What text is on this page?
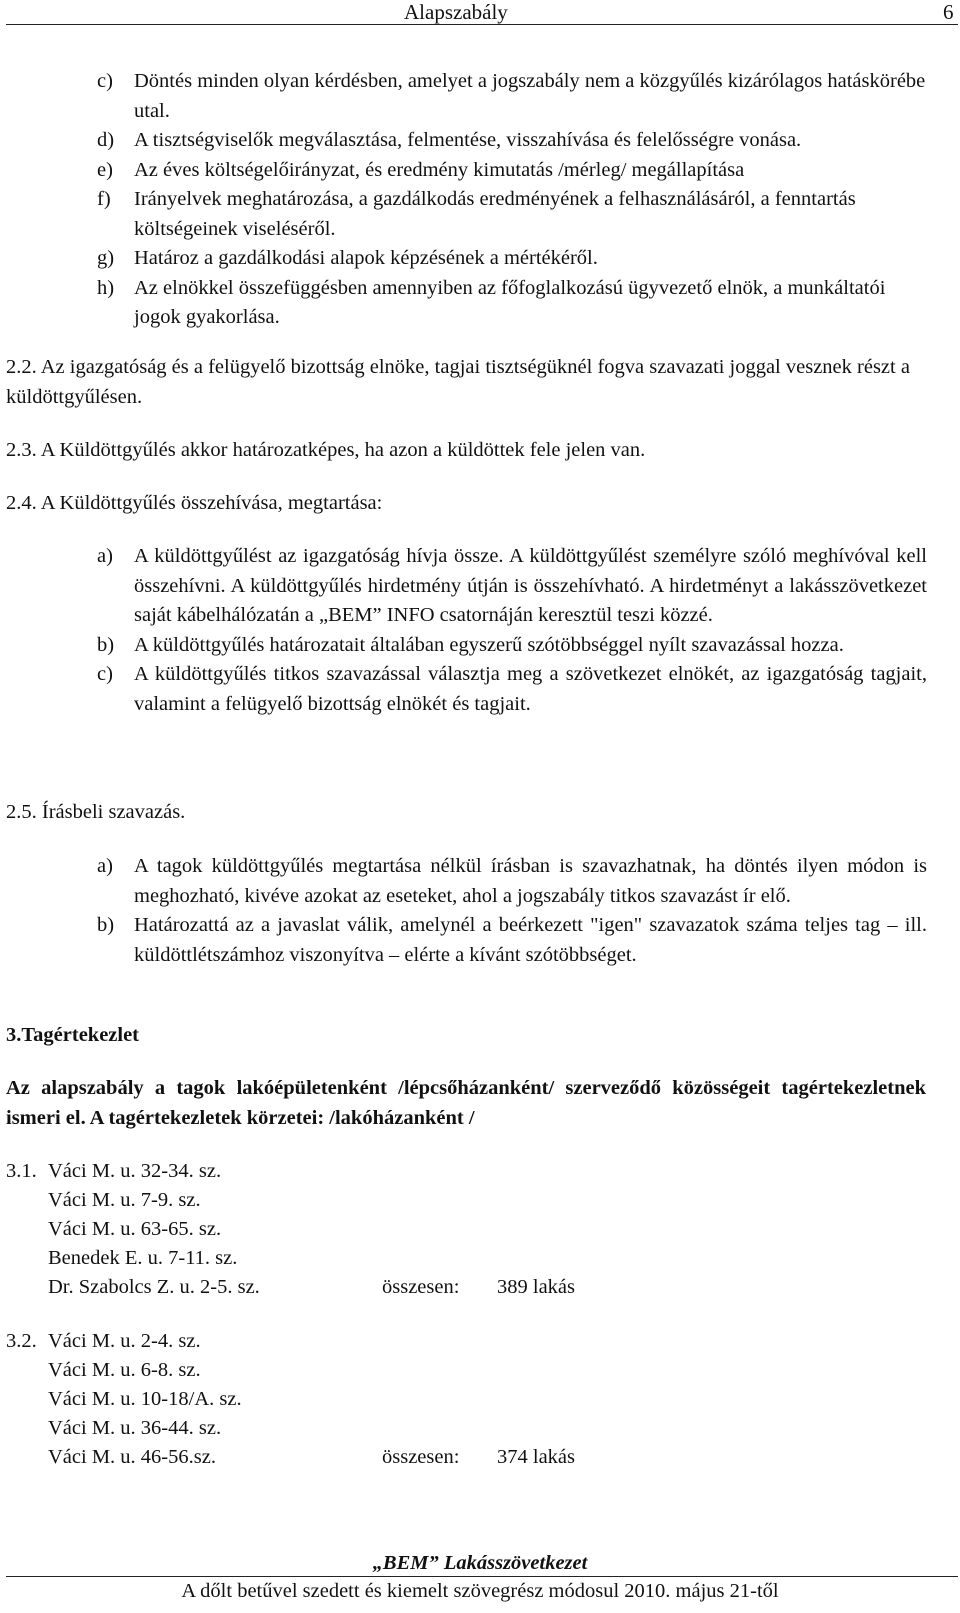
Alapszabály	6
c)	Döntés minden olyan kérdésben, amelyet a jogszabály nem a közgyűlés kizárólagos hatáskörébe utal.
d) A tisztségviselők megválasztása, felmentése, visszahívása és felelősségre vonása.
e)	Az éves költségelőirányzat, és eredmény kimutatás /mérleg/ megállapítása
f)	Irányelvek meghatározása, a gazdálkodás eredményének a felhasználásáról, a fenntartás költségeinek viseléséről.
g) Határoz a gazdálkodási alapok képzésének a mértékéről.
h) Az elnökkel összefüggésben amennyiben az főfoglalkozású ügyvezető elnök, a munkáltatói jogok gyakorlása.
2.2. Az igazgatóság és a felügyelő bizottság elnöke, tagjai tisztségüknél fogva szavazati joggal vesznek részt a küldöttgyűlésen.
2.3. A Küldöttgyűlés akkor határozatképes, ha azon a küldöttek fele jelen van.
2.4. A Küldöttgyűlés összehívása, megtartása:
a)	A küldöttgyűlést az igazgatóság hívja össze. A küldöttgyűlést személyre szóló meghívóval kell összehívni. A küldöttgyűlés hirdetmény útján is összehívható. A hirdetményt a lakásszövetkezet saját kábelhálózatán a „BEM” INFO csatornáján keresztül teszi közzé.
b) A küldöttgyűlés határozatait általában egyszerű szótöbbséggel nyílt szavazással hozza.
c)	A küldöttgyűlés titkos szavazással választja meg a szövetkezet elnökét, az igazgatóság tagjait, valamint a felügyelő bizottság elnökét és tagjait.
2.5. Írásbeli szavazás.
a)	A tagok küldöttgyűlés megtartása nélkül írásban is szavazhatnak, ha döntés ilyen módon is meghozható, kivéve azokat az eseteket, ahol a jogszabály titkos szavazást ír elő.
b) Határozattá az a javaslat válik, amelynél a beérkezett "igen" szavazatok száma teljes tag – ill. küldöttlétszámhoz viszonyítva – elérte a kívánt szótöbbséget.
3.Tagértekezlet
Az alapszabály a tagok lakóépületenként /lépcsőházanként/ szerveződő közösségeit tagértekezletnek ismeri el. A tagértekezletek körzetei: /lakóházanként /
3.1. Váci M. u. 32-34. sz.
Váci M. u. 7-9. sz.
Váci M. u. 63-65. sz.
Benedek E. u. 7-11. sz.
Dr. Szabolcs Z. u. 2-5. sz.	összesen: 389 lakás
3.2. Váci M. u. 2-4. sz.
Váci M. u. 6-8. sz.
Váci M. u. 10-18/A. sz.
Váci M. u. 36-44. sz.
Váci M. u. 46-56.sz.	összesen: 374 lakás
„BEM” Lakásszövetkezet
A dőlt betűvel szedett és kiemelt szövegrész módosul 2010. május 21-től
